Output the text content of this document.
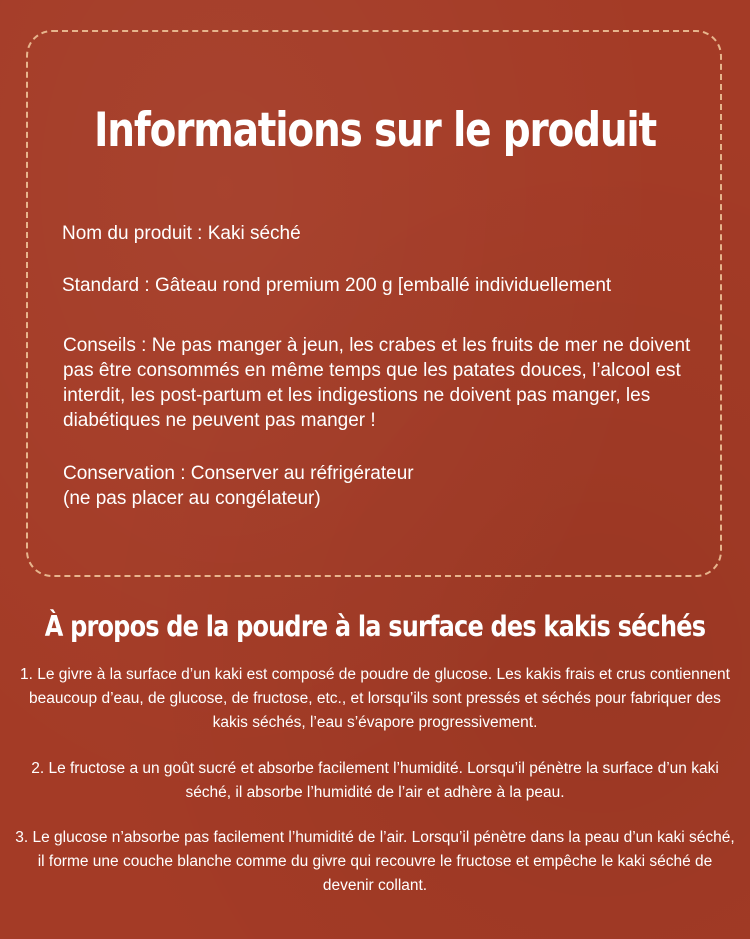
Informations sur le produit

Nom du produit : Kaki séché

Standard : Gâteau rond premium 200 g [emballé individuellement

Conseils : Ne pas manger à jeun, les crabes et les fruits de mer ne doivent pas être consommés en même temps que les patates douces, l’alcool est interdit, les post-partum et les indigestions ne doivent pas manger, les diabétiques ne peuvent pas manger !

Conservation : Conserver au réfrigérateur
(ne pas placer au congélateur)
À propos de la poudre à la surface des kakis séchés

1. Le givre à la surface d’un kaki est composé de poudre de glucose. Les kakis frais et crus contiennent beaucoup d’eau, de glucose, de fructose, etc., et lorsqu’ils sont pressés et séchés pour fabriquer des kakis séchés, l’eau s’évapore progressivement.

2. Le fructose a un goût sucré et absorbe facilement l’humidité. Lorsqu’il pénètre la surface d’un kaki séché, il absorbe l’humidité de l’air et adhère à la peau.

3. Le glucose n’absorbe pas facilement l’humidité de l’air. Lorsqu’il pénètre dans la peau d’un kaki séché, il forme une couche blanche comme du givre qui recouvre le fructose et empêche le kaki séché de devenir collant.
